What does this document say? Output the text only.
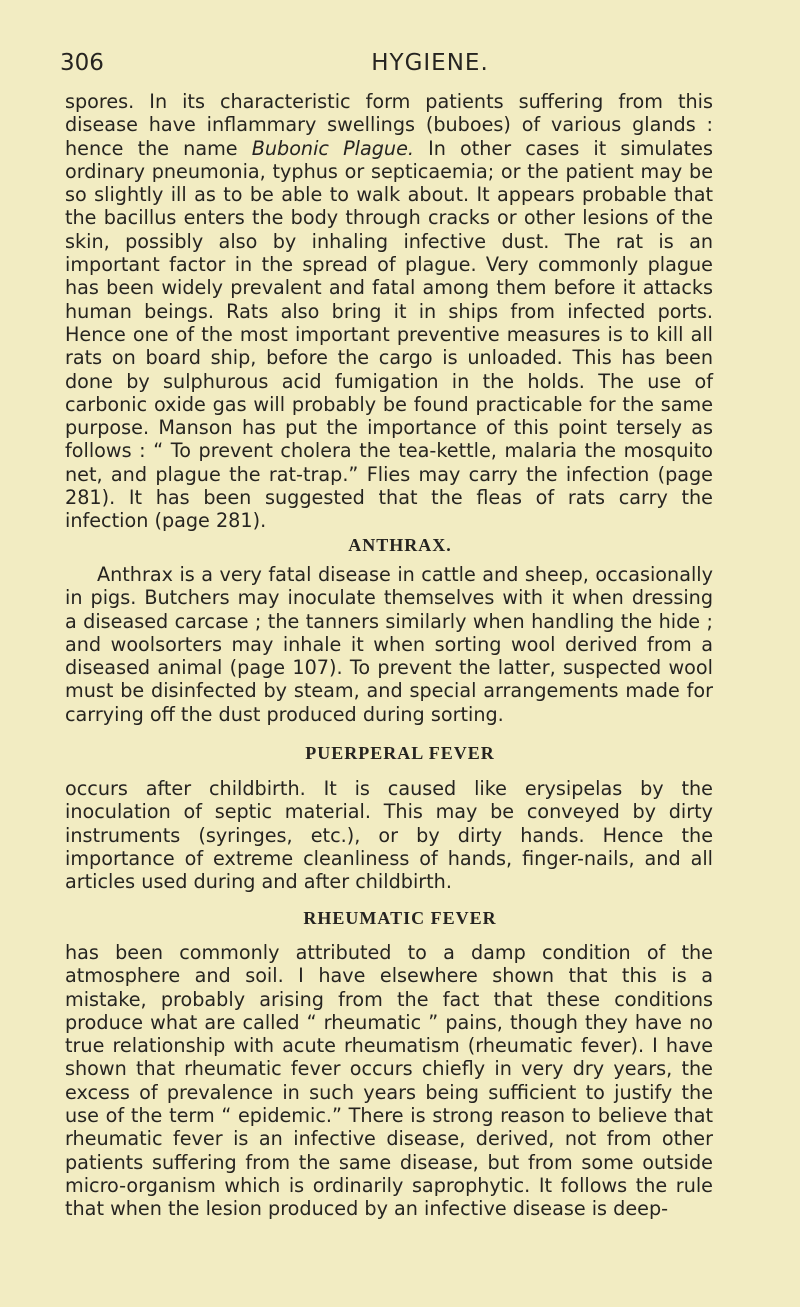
306	HYGIENE.

spores. In its characteristic form patients suffering from this disease have inflammary swellings (buboes) of various glands : hence the name Bubonic Plague. In other cases it simulates ordinary pneumonia, typhus or septicaemia; or the patient may be so slightly ill as to be able to walk about. It appears probable that the bacillus enters the body through cracks or other lesions of the skin, possibly also by inhaling infective dust. The rat is an important factor in the spread of plague. Very commonly plague has been widely prevalent and fatal among them before it attacks human beings. Rats also bring it in ships from infected ports. Hence one of the most important preventive measures is to kill all rats on board ship, before the cargo is unloaded. This has been done by sulphurous acid fumigation in the holds. The use of carbonic oxide gas will probably be found practicable for the same purpose. Manson has put the importance of this point tersely as follows : “ To prevent cholera the tea-kettle, malaria the mosquito net, and plague the rat-trap.” Flies may carry the infection (page 281). It has been suggested that the fleas of rats carry the infection (page 281).

ANTHRAX.

Anthrax is a very fatal disease in cattle and sheep, occasionally in pigs. Butchers may inoculate themselves with it when dressing a diseased carcase ; the tanners similarly when handling the hide ; and woolsorters may inhale it when sorting wool derived from a diseased animal (page 107). To prevent the latter, suspected wool must be disinfected by steam, and special arrangements made for carrying off the dust produced during sorting.

PUERPERAL FEVER

occurs after childbirth. It is caused like erysipelas by the inoculation of septic material. This may be conveyed by dirty instruments (syringes, etc.), or by dirty hands. Hence the importance of extreme cleanliness of hands, finger-nails, and all articles used during and after childbirth.

RHEUMATIC FEVER

has been commonly attributed to a damp condition of the atmosphere and soil. I have elsewhere shown that this is a mistake, probably arising from the fact that these conditions produce what are called “ rheumatic ” pains, though they have no true relationship with acute rheumatism (rheumatic fever). I have shown that rheumatic fever occurs chiefly in very dry years, the excess of prevalence in such years being sufficient to justify the use of the term “ epidemic.” There is strong reason to believe that rheumatic fever is an infective disease, derived, not from other patients suffering from the same disease, but from some outside micro-organism which is ordinarily saprophytic. It follows the rule that when the lesion produced by an infective disease is deep-
